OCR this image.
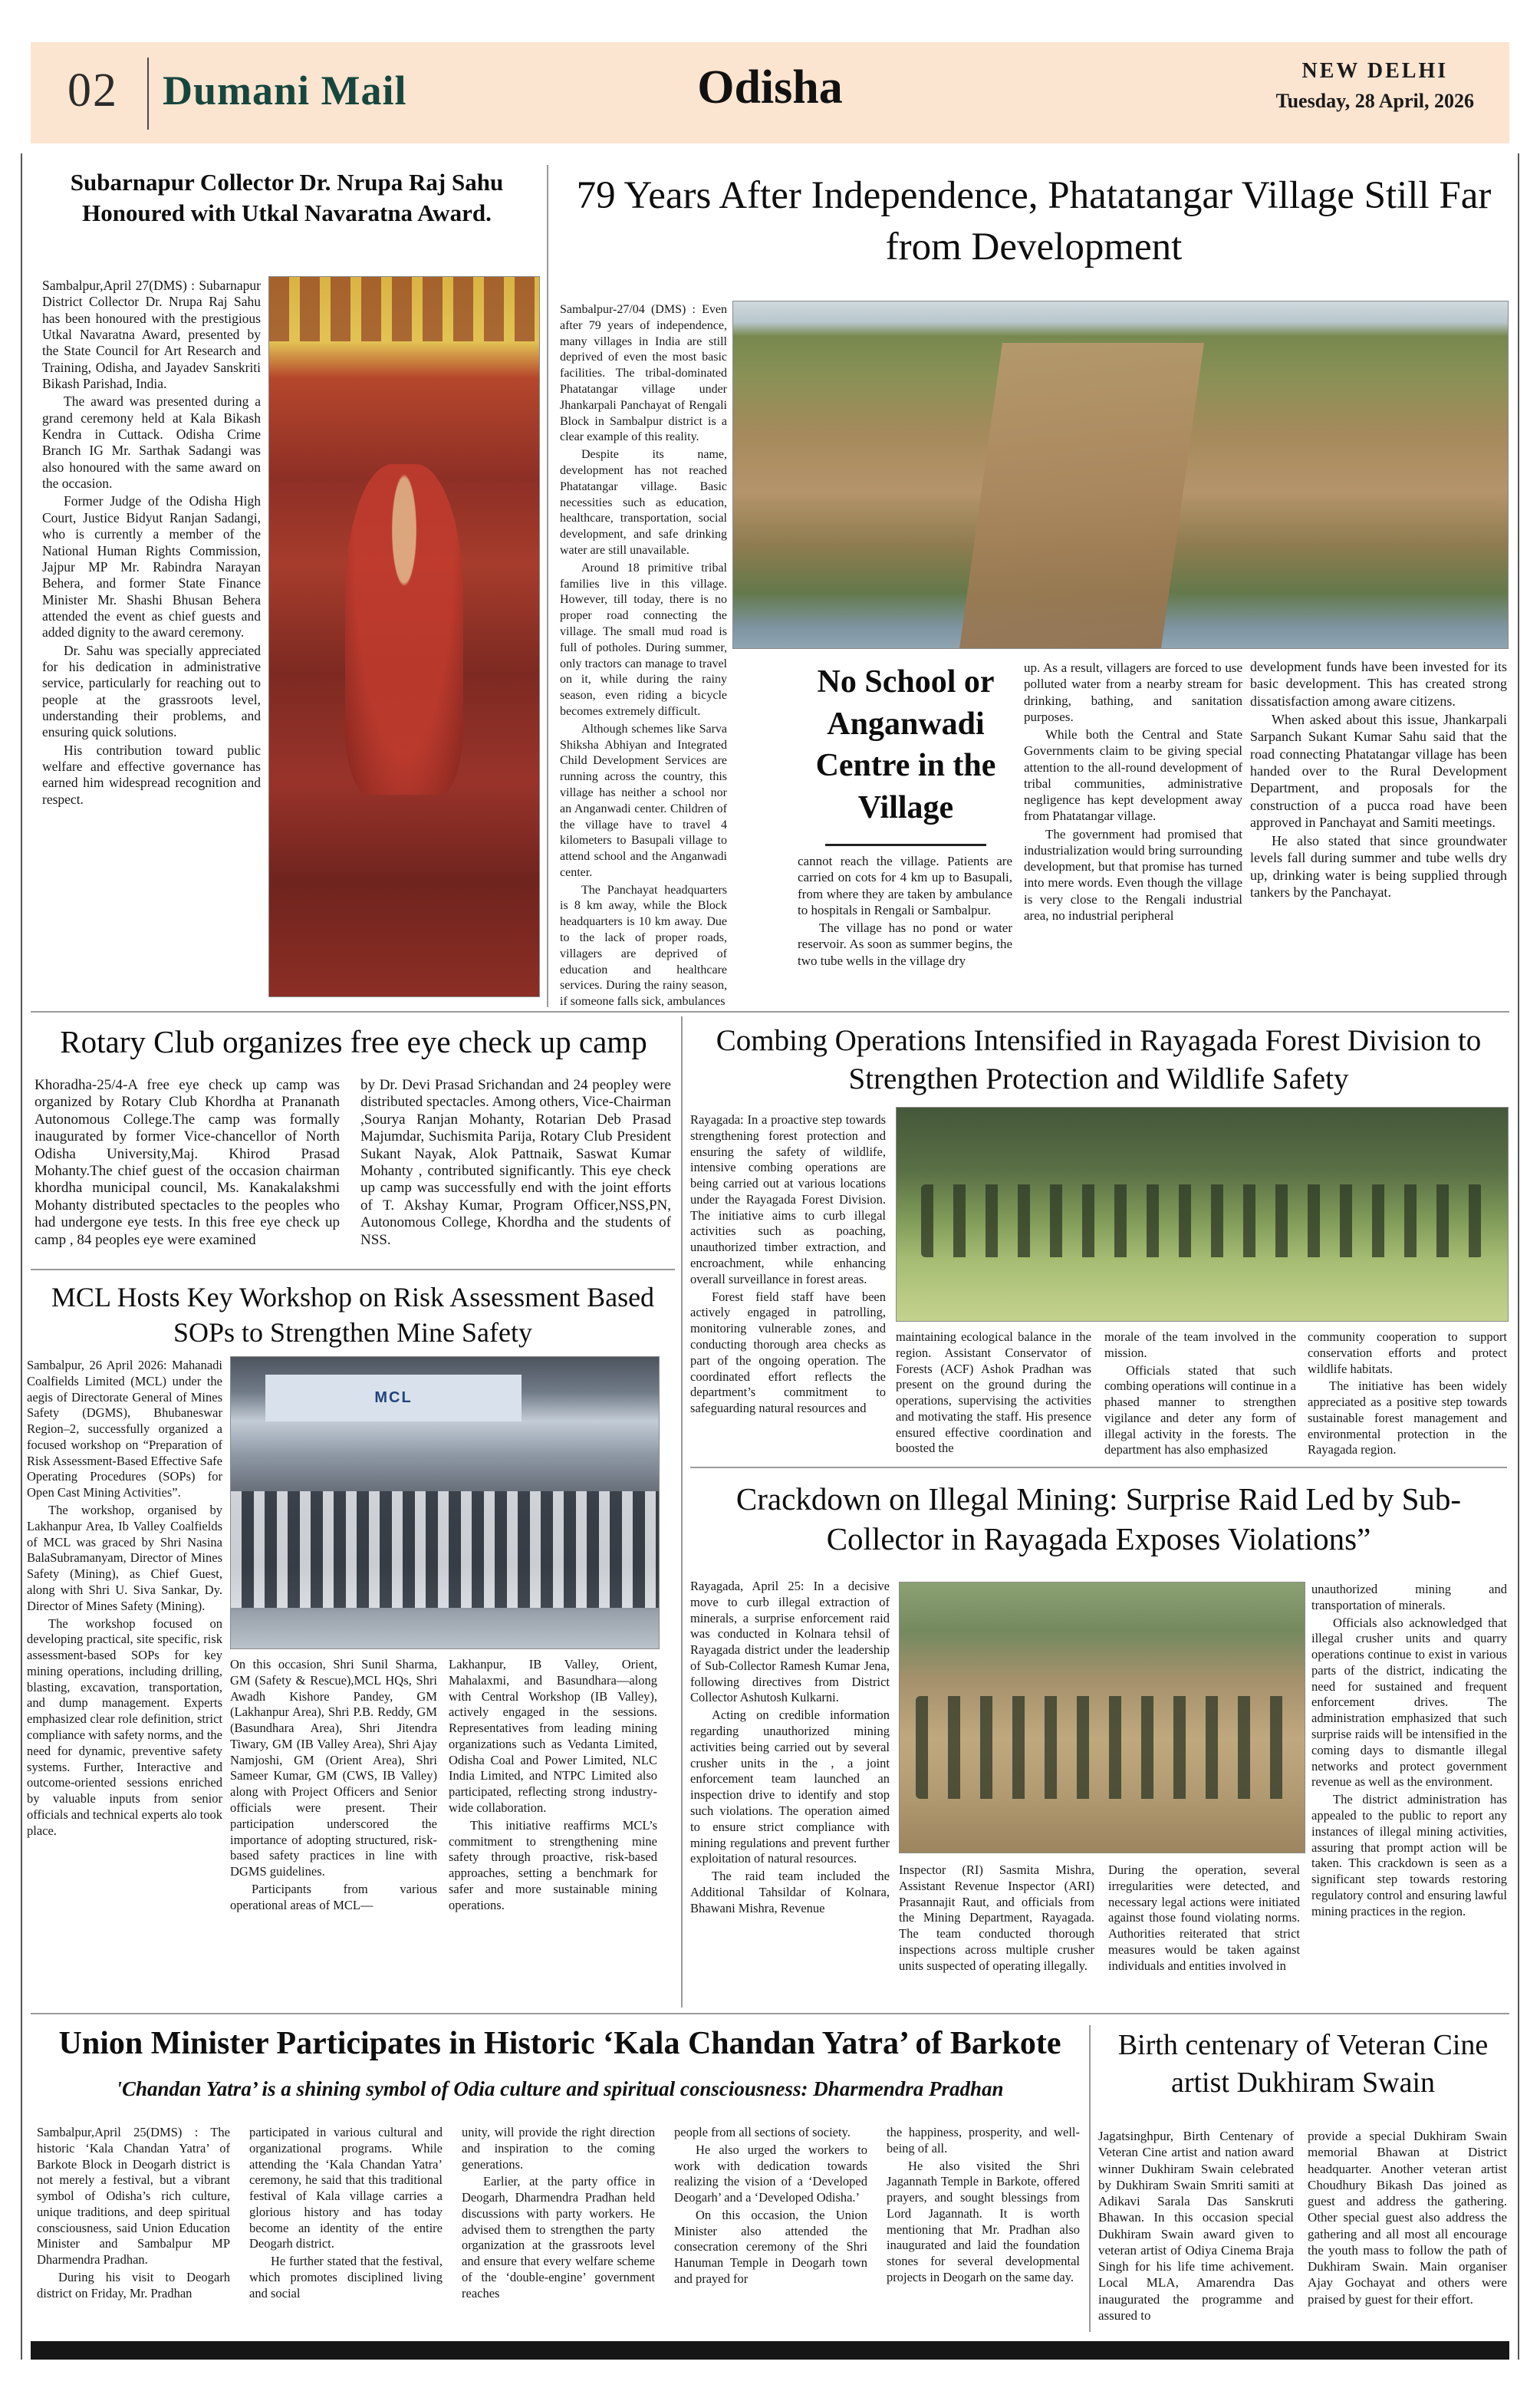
02 Dumani Mail	Odisha	NEW DELHI
Tuesday, 28 April, 2026
Subarnapur Collector Dr. Nrupa Raj Sahu Honoured with Utkal Navaratna Award.

Sambalpur,April 27(DMS) : Subarnapur District Collector Dr. Nrupa Raj Sahu has been honoured with the prestigious Utkal Navaratna Award, presented by the State Council for Art Research and Training, Odisha, and Jayadev Sanskriti Bikash Parishad, India.

The award was presented during a grand ceremony held at Kala Bikash Kendra in Cuttack. Odisha Crime Branch IG Mr. Sarthak Sadangi was also honoured with the same award on the occasion.

Former Judge of the Odisha High Court, Justice Bidyut Ranjan Sadangi, who is currently a member of the National Human Rights Commission, Jajpur MP Mr. Rabindra Narayan Behera, and former State Finance Minister Mr. Shashi Bhusan Behera attended the event as chief guests and added dignity to the award ceremony.

Dr. Sahu was specially appreciated for his dedication in administrative service, particularly for reaching out to people at the grassroots level, understanding their problems, and ensuring quick solutions.

His contribution toward public welfare and effective governance has earned him widespread recognition and respect.

79 Years After Independence, Phatatangar Village Still Far from Development

Sambalpur-27/04 (DMS) : Even after 79 years of independence, many villages in India are still deprived of even the most basic facilities. The tribal-dominated Phatatangar village under Jhankarpali Panchayat of Rengali Block in Sambalpur district is a clear example of this reality.

Despite its name, development has not reached Phatatangar village. Basic necessities such as education, healthcare, transportation, social development, and safe drinking water are still unavailable.

Around 18 primitive tribal families live in this village. However, till today, there is no proper road connecting the village. The small mud road is full of potholes. During summer, only tractors can manage to travel on it, while during the rainy season, even riding a bicycle becomes extremely difficult.

Although schemes like Sarva Shiksha Abhiyan and Integrated Child Development Services are running across the country, this village has neither a school nor an Anganwadi center. Children of the village have to travel 4 kilometers to Basupali village to attend school and the Anganwadi center.

The Panchayat headquarters is 8 km away, while the Block headquarters is 10 km away. Due to the lack of proper roads, villagers are deprived of education and healthcare services. During the rainy season, if someone falls sick, ambulances

No School or Anganwadi Centre in the Village

cannot reach the village. Patients are carried on cots for 4 km up to Basupali, from where they are taken by ambulance to hospitals in Rengali or Sambalpur.

The village has no pond or water reservoir. As soon as summer begins, the two tube wells in the village dry

up. As a result, villagers are forced to use polluted water from a nearby stream for drinking, bathing, and sanitation purposes.

While both the Central and State Governments claim to be giving special attention to the all-round development of tribal communities, administrative negligence has kept development away from Phatatangar village.

The government had promised that industrialization would bring surrounding development, but that promise has turned into mere words. Even though the village is very close to the Rengali industrial area, no industrial peripheral

development funds have been invested for its basic development. This has created strong dissatisfaction among aware citizens.

When asked about this issue, Jhankarpali Sarpanch Sukant Kumar Sahu said that the road connecting Phatatangar village has been handed over to the Rural Development Department, and proposals for the construction of a pucca road have been approved in Panchayat and Samiti meetings.

He also stated that since groundwater levels fall during summer and tube wells dry up, drinking water is being supplied through tankers by the Panchayat.

Rotary Club organizes free eye check up camp

Khoradha-25/4-A free eye check up camp was organized by Rotary Club Khordha at Prananath Autonomous College.The camp was formally inaugurated by former Vice-chancellor of North Odisha University,Maj. Khirod Prasad Mohanty.The chief guest of the occasion chairman khordha municipal council, Ms. Kanakalakshmi Mohanty distributed spectacles to the peoples who had undergone eye tests. In this free eye check up camp , 84 peoples eye were examined

by Dr. Devi Prasad Srichandan and 24 peopley were distributed spectacles. Among others, Vice-Chairman ,Sourya Ranjan Mohanty, Rotarian Deb Prasad Majumdar, Suchismita Parija, Rotary Club President Sukant Nayak, Alok Pattnaik, Saswat Kumar Mohanty , contributed significantly. This eye check up camp was successfully end with the joint efforts of T. Akshay Kumar, Program Officer,NSS,PN, Autonomous College, Khordha and the students of NSS.

Combing Operations Intensified in Rayagada Forest Division to Strengthen Protection and Wildlife Safety

Rayagada: In a proactive step towards strengthening forest protection and ensuring the safety of wildlife, intensive combing operations are being carried out at various locations under the Rayagada Forest Division. The initiative aims to curb illegal activities such as poaching, unauthorized timber extraction, and encroachment, while enhancing overall surveillance in forest areas.

Forest field staff have been actively engaged in patrolling, monitoring vulnerable zones, and conducting thorough area checks as part of the ongoing operation. The coordinated effort reflects the department’s commitment to safeguarding natural resources and

maintaining ecological balance in the region. Assistant Conservator of Forests (ACF) Ashok Pradhan was present on the ground during the operations, supervising the activities and motivating the staff. His presence ensured effective coordination and boosted the

morale of the team involved in the mission.

Officials stated that such combing operations will continue in a phased manner to strengthen vigilance and deter any form of illegal activity in the forests. The department has also emphasized

community cooperation to support conservation efforts and protect wildlife habitats.

The initiative has been widely appreciated as a positive step towards sustainable forest management and environmental protection in the Rayagada region.

MCL Hosts Key Workshop on Risk Assessment Based SOPs to Strengthen Mine Safety

Sambalpur, 26 April 2026: Mahanadi Coalfields Limited (MCL) under the aegis of Directorate General of Mines Safety (DGMS), Bhubaneswar Region–2, successfully organized a focused workshop on “Preparation of Risk Assessment-Based Effective Safe Operating Procedures (SOPs) for Open Cast Mining Activities”.

The workshop, organised by Lakhanpur Area, Ib Valley Coalfields of MCL was graced by Shri Nasina BalaSubramanyam, Director of Mines Safety (Mining), as Chief Guest, along with Shri U. Siva Sankar, Dy. Director of Mines Safety (Mining).

The workshop focused on developing practical, site specific, risk assessment-based SOPs for key mining operations, including drilling, blasting, excavation, transportation, and dump management. Experts emphasized clear role definition, strict compliance with safety norms, and the need for dynamic, preventive safety systems. Further, Interactive and outcome-oriented sessions enriched by valuable inputs from senior officials and technical experts alo took place.

MCL

On this occasion, Shri Sunil Sharma, GM (Safety & Rescue),MCL HQs, Shri Awadh Kishore Pandey, GM (Lakhanpur Area), Shri P.B. Reddy, GM (Basundhara Area), Shri Jitendra Tiwary, GM (IB Valley Area), Shri Ajay Namjoshi, GM (Orient Area), Shri Sameer Kumar, GM (CWS, IB Valley) along with Project Officers and Senior officials were present. Their participation underscored the importance of adopting structured, risk-based safety practices in line with DGMS guidelines.

Participants from various operational areas of MCL—

Lakhanpur, IB Valley, Orient, Mahalaxmi, and Basundhara—along with Central Workshop (IB Valley), actively engaged in the sessions. Representatives from leading mining organizations such as Vedanta Limited, Odisha Coal and Power Limited, NLC India Limited, and NTPC Limited also participated, reflecting strong industry-wide collaboration.

This initiative reaffirms MCL’s commitment to strengthening mine safety through proactive, risk-based approaches, setting a benchmark for safer and more sustainable mining operations.

Crackdown on Illegal Mining: Surprise Raid Led by Sub-Collector in Rayagada Exposes Violations”

Rayagada, April 25: In a decisive move to curb illegal extraction of minerals, a surprise enforcement raid was conducted in Kolnara tehsil of Rayagada district under the leadership of Sub-Collector Ramesh Kumar Jena, following directives from District Collector Ashutosh Kulkarni.

Acting on credible information regarding unauthorized mining activities being carried out by several crusher units in the , a joint enforcement team launched an inspection drive to identify and stop such violations. The operation aimed to ensure strict compliance with mining regulations and prevent further exploitation of natural resources.

The raid team included the Additional Tahsildar of Kolnara, Bhawani Mishra, Revenue

Inspector (RI) Sasmita Mishra, Assistant Revenue Inspector (ARI) Prasannajit Raut, and officials from the Mining Department, Rayagada. The team conducted thorough inspections across multiple crusher units suspected of operating illegally.

During the operation, several irregularities were detected, and necessary legal actions were initiated against those found violating norms. Authorities reiterated that strict measures would be taken against individuals and entities involved in

unauthorized mining and transportation of minerals.

Officials also acknowledged that illegal crusher units and quarry operations continue to exist in various parts of the district, indicating the need for sustained and frequent enforcement drives. The administration emphasized that such surprise raids will be intensified in the coming days to dismantle illegal networks and protect government revenue as well as the environment.

The district administration has appealed to the public to report any instances of illegal mining activities, assuring that prompt action will be taken. This crackdown is seen as a significant step towards restoring regulatory control and ensuring lawful mining practices in the region.

Union Minister Participates in Historic ‘Kala Chandan Yatra’ of Barkote
'Chandan Yatra’ is a shining symbol of Odia culture and spiritual consciousness: Dharmendra Pradhan

Sambalpur,April 25(DMS) : The historic ‘Kala Chandan Yatra’ of Barkote Block in Deogarh district is not merely a festival, but a vibrant symbol of Odisha’s rich culture, unique traditions, and deep spiritual consciousness, said Union Education Minister and Sambalpur MP Dharmendra Pradhan.

During his visit to Deogarh district on Friday, Mr. Pradhan

participated in various cultural and organizational programs. While attending the ‘Kala Chandan Yatra’ ceremony, he said that this traditional festival of Kala village carries a glorious history and has today become an identity of the entire Deogarh district.

He further stated that the festival, which promotes disciplined living and social

unity, will provide the right direction and inspiration to the coming generations.

Earlier, at the party office in Deogarh, Dharmendra Pradhan held discussions with party workers. He advised them to strengthen the party organization at the grassroots level and ensure that every welfare scheme of the ‘double-engine’ government reaches

people from all sections of society.

He also urged the workers to work with dedication towards realizing the vision of a ‘Developed Deogarh’ and a ‘Developed Odisha.’

On this occasion, the Union Minister also attended the consecration ceremony of the Shri Hanuman Temple in Deogarh town and prayed for

the happiness, prosperity, and well-being of all.

He also visited the Shri Jagannath Temple in Barkote, offered prayers, and sought blessings from Lord Jagannath. It is worth mentioning that Mr. Pradhan also inaugurated and laid the foundation stones for several developmental projects in Deogarh on the same day.

Birth centenary of Veteran Cine artist Dukhiram Swain

Jagatsinghpur, Birth Centenary of Veteran Cine artist and nation award winner Dukhiram Swain celebrated by Dukhiram Swain Smriti samiti at Adikavi Sarala Das Sanskruti Bhawan. In this occasion special Dukhiram Swain award given to veteran artist of Odiya Cinema Braja Singh for his life time achivement. Local MLA, Amarendra Das inaugurated the programme and assured to

provide a special Dukhiram Swain memorial Bhawan at District headquarter. Another veteran artist Choudhury Bikash Das joined as guest and address the gathering. Other special guest also address the gathering and all most all encourage the youth mass to follow the path of Dukhiram Swain. Main organiser Ajay Gochayat and others were praised by guest for their effort.
